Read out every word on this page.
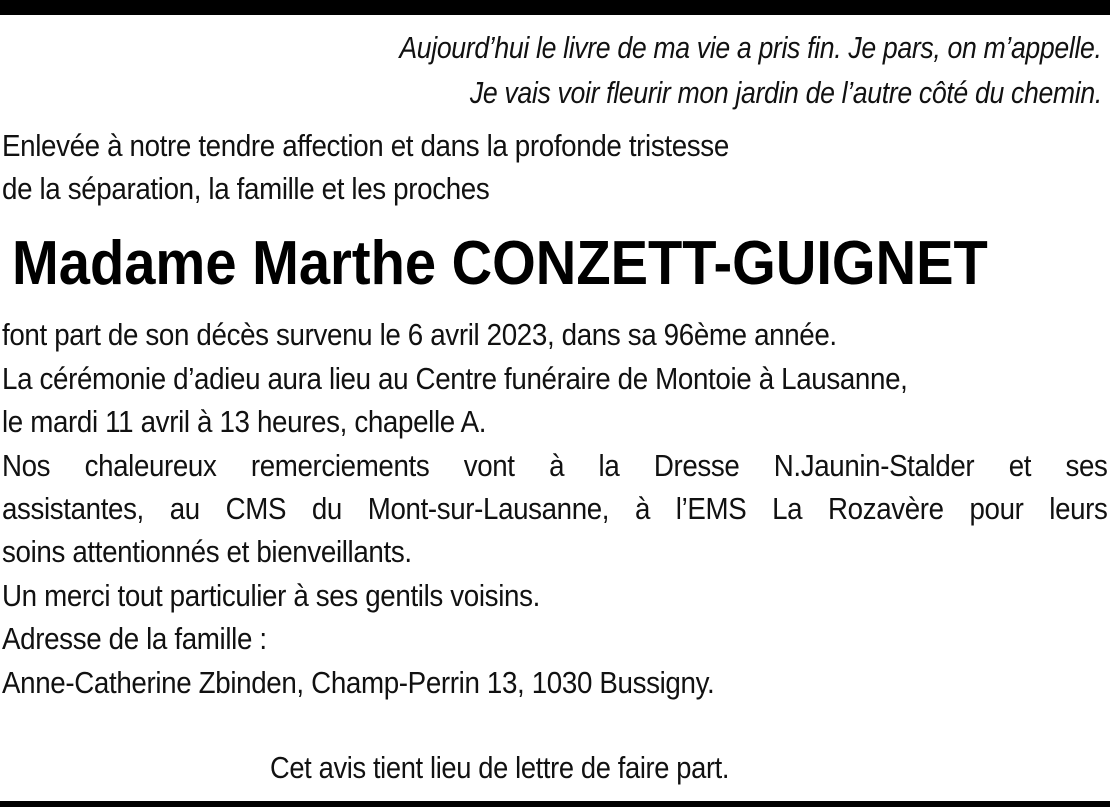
Aujourd’hui le livre de ma vie a pris fin. Je pars, on m’appelle.
Je vais voir fleurir mon jardin de l’autre côté du chemin.
Enlevée à notre tendre affection et dans la profonde tristesse
de la séparation, la famille et les proches
Madame Marthe CONZETT-GUIGNET
font part de son décès survenu le 6 avril 2023, dans sa 96ème année.
La cérémonie d’adieu aura lieu au Centre funéraire de Montoie à Lausanne,
le mardi 11 avril à 13 heures, chapelle A.
Nos chaleureux remerciements vont à la Dresse N.Jaunin-Stalder et ses
assistantes, au CMS du Mont-sur-Lausanne, à l’EMS La Rozavère pour leurs
soins attentionnés et bienveillants.
Un merci tout particulier à ses gentils voisins.
Adresse de la famille :
Anne-Catherine Zbinden, Champ-Perrin 13, 1030 Bussigny.
Cet avis tient lieu de lettre de faire part.
